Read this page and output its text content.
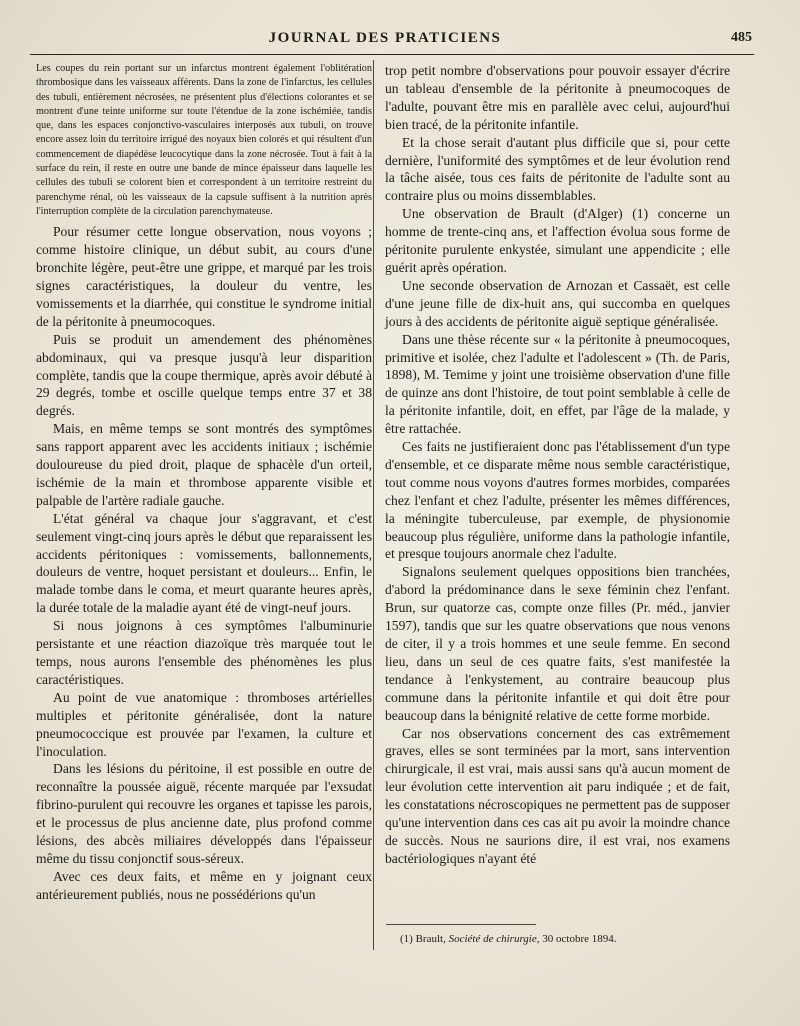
JOURNAL DES PRATICIENS	485

Les coupes du rein portant sur un infarctus montrent également l'oblitération thrombosique dans les vaisseaux afférents. Dans la zone de l'infarctus, les cellules des tubuli, entièrement nécrosées, ne présentent plus d'élections colorantes et se montrent d'une teinte uniforme sur toute l'étendue de la zone ischémiée, tandis que, dans les espaces conjonctivo-vasculaires interposés aux tubuli, on trouve encore assez loin du territoire irrigué des noyaux bien colorés et qui résultent d'un commencement de diapédèse leucocytique dans la zone nécrosée. Tout à fait à la surface du rein, il reste en outre une bande de mince épaisseur dans laquelle les cellules des tubuli se colorent bien et correspondent à un territoire restreint du parenchyme rénal, où les vaisseaux de la capsule suffisent à la nutrition après l'interruption complète de la circulation parenchymateuse.

Pour résumer cette longue observation, nous voyons ; comme histoire clinique, un début subit, au cours d'une bronchite légère, peut-être une grippe, et marqué par les trois signes caractéristiques, la douleur du ventre, les vomissements et la diarrhée, qui constitue le syndrome initial de la péritonite à pneumocoques.

Puis se produit un amendement des phénomènes abdominaux, qui va presque jusqu'à leur disparition complète, tandis que la coupe thermique, après avoir débuté à 29 degrés, tombe et oscille quelque temps entre 37 et 38 degrés.

Mais, en même temps se sont montrés des symptômes sans rapport apparent avec les accidents initiaux ; ischémie douloureuse du pied droit, plaque de sphacèle d'un orteil, ischémie de la main et thrombose apparente visible et palpable de l'artère radiale gauche.

L'état général va chaque jour s'aggravant, et c'est seulement vingt-cinq jours après le début que reparaissent les accidents péritoniques : vomissements, ballonnements, douleurs de ventre, hoquet persistant et douleurs... Enfin, le malade tombe dans le coma, et meurt quarante heures après, la durée totale de la maladie ayant été de vingt-neuf jours.

Si nous joignons à ces symptômes l'albuminurie persistante et une réaction diazoïque très marquée tout le temps, nous aurons l'ensemble des phénomènes les plus caractéristiques.

Au point de vue anatomique : thromboses artérielles multiples et péritonite généralisée, dont la nature pneumococcique est prouvée par l'examen, la culture et l'inoculation.

Dans les lésions du péritoine, il est possible en outre de reconnaître la poussée aiguë, récente marquée par l'exsudat fibrino-purulent qui recouvre les organes et tapisse les parois, et le processus de plus ancienne date, plus profond comme lésions, des abcès miliaires développés dans l'épaisseur même du tissu conjonctif sous-séreux.

Avec ces deux faits, et même en y joignant ceux antérieurement publiés, nous ne possédérions qu'un

trop petit nombre d'observations pour pouvoir essayer d'écrire un tableau d'ensemble de la péritonite à pneumocoques de l'adulte, pouvant être mis en parallèle avec celui, aujourd'hui bien tracé, de la péritonite infantile.

Et la chose serait d'autant plus difficile que si, pour cette dernière, l'uniformité des symptômes et de leur évolution rend la tâche aisée, tous ces faits de péritonite de l'adulte sont au contraire plus ou moins dissemblables.

Une observation de Brault (d'Alger) (1) concerne un homme de trente-cinq ans, et l'affection évolua sous forme de péritonite purulente enkystée, simulant une appendicite ; elle guérit après opération.

Une seconde observation de Arnozan et Cassaët, est celle d'une jeune fille de dix-huit ans, qui succomba en quelques jours à des accidents de péritonite aiguë septique généralisée.

Dans une thèse récente sur « la péritonite à pneumocoques, primitive et isolée, chez l'adulte et l'adolescent » (Th. de Paris, 1898), M. Temime y joint une troisième observation d'une fille de quinze ans dont l'histoire, de tout point semblable à celle de la péritonite infantile, doit, en effet, par l'âge de la malade, y être rattachée.

Ces faits ne justifieraient donc pas l'établissement d'un type d'ensemble, et ce disparate même nous semble caractéristique, tout comme nous voyons d'autres formes morbides, comparées chez l'enfant et chez l'adulte, présenter les mêmes différences, la méningite tuberculeuse, par exemple, de physionomie beaucoup plus régulière, uniforme dans la pathologie infantile, et presque toujours anormale chez l'adulte.

Signalons seulement quelques oppositions bien tranchées, d'abord la prédominance dans le sexe féminin chez l'enfant. Brun, sur quatorze cas, compte onze filles (Pr. méd., janvier 1597), tandis que sur les quatre observations que nous venons de citer, il y a trois hommes et une seule femme. En second lieu, dans un seul de ces quatre faits, s'est manifestée la tendance à l'enkystement, au contraire beaucoup plus commune dans la péritonite infantile et qui doit être pour beaucoup dans la bénignité relative de cette forme morbide.

Car nos observations concernent des cas extrêmement graves, elles se sont terminées par la mort, sans intervention chirurgicale, il est vrai, mais aussi sans qu'à aucun moment de leur évolution cette intervention ait paru indiquée ; et de fait, les constatations nécroscopiques ne permettent pas de supposer qu'une intervention dans ces cas ait pu avoir la moindre chance de succès. Nous ne saurions dire, il est vrai, nos examens bactériologiques n'ayant été

(1) Brault, Société de chirurgie, 30 octobre 1894.
